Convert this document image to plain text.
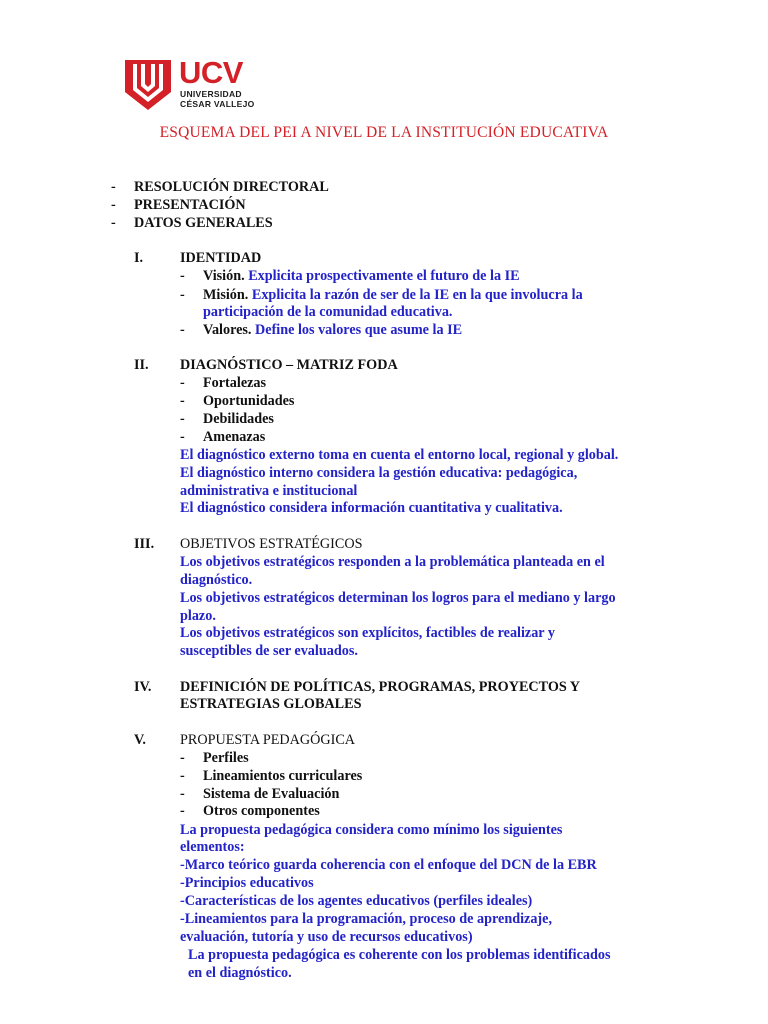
UCV
UNIVERSIDAD
CÉSAR VALLEJO
ESQUEMA DEL PEI A NIVEL DE LA INSTITUCIÓN EDUCATIVA
- RESOLUCIÓN DIRECTORAL
- PRESENTACIÓN
- DATOS GENERALES
I.	IDENTIDAD
- Visión. Explicita prospectivamente el futuro de la IE
- Misión. Explicita la razón de ser de la IE en la que involucra la
participación de la comunidad educativa.
- Valores. Define los valores que asume la IE
II. DIAGNÓSTICO – MATRIZ FODA
- Fortalezas
- Oportunidades
- Debilidades
- Amenazas
El diagnóstico externo toma en cuenta el entorno local, regional y global.
El diagnóstico interno considera la gestión educativa: pedagógica,
administrativa e institucional
El diagnóstico considera información cuantitativa y cualitativa.
III. OBJETIVOS ESTRATÉGICOS
Los objetivos estratégicos responden a la problemática planteada en el
diagnóstico.
Los objetivos estratégicos determinan los logros para el mediano y largo
plazo.
Los objetivos estratégicos son explícitos, factibles de realizar y
susceptibles de ser evaluados.
IV. DEFINICIÓN DE POLÍTICAS, PROGRAMAS, PROYECTOS Y
ESTRATEGIAS GLOBALES
V. PROPUESTA PEDAGÓGICA
- Perfiles
- Lineamientos curriculares
- Sistema de Evaluación
- Otros componentes
La propuesta pedagógica considera como mínimo los siguientes
elementos:
-Marco teórico guarda coherencia con el enfoque del DCN de la EBR
-Principios educativos
-Características de los agentes educativos (perfiles ideales)
-Lineamientos para la programación, proceso de aprendizaje,
evaluación, tutoría y uso de recursos educativos)
La propuesta pedagógica es coherente con los problemas identificados
en el diagnóstico.
